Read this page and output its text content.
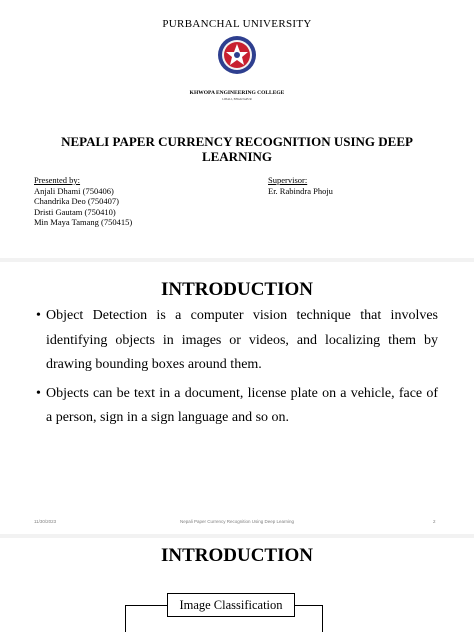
PURBANCHAL UNIVERSITY
KHWOPA ENGINEERING COLLEGE
LIBALI, BHAKTAPUR
NEPALI PAPER CURRENCY RECOGNITION USING DEEP LEARNING
Presented by:
Anjali Dhami (750406)
Chandrika Deo (750407)
Dristi Gautam (750410)
Min Maya Tamang (750415)
Supervisor:
Er. Rabindra Phoju
INTRODUCTION
• Object Detection is a computer vision technique that involves identifying objects in images or videos, and localizing them by drawing bounding boxes around them.
• Objects can be text in a document, license plate on a vehicle, face of a person, sign in a sign language and so on.
11/30/2023	Nepali Paper Currency Recognition Using Deep Learning	2
INTRODUCTION
Image Classification
